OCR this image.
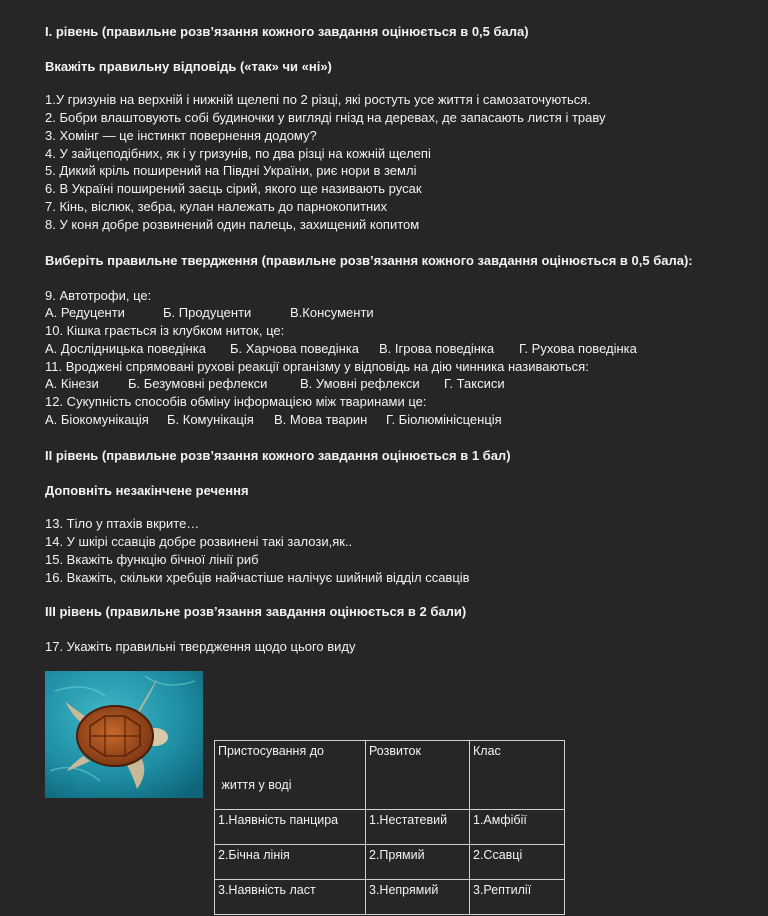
I. рівень (правильне розв’язання кожного завдання оцінюється в 0,5 бала)
Вкажіть правильну відповідь («так» чи «ні»)
1.У гризунів на верхній і нижній щелепі по 2 різці, які ростуть усе життя і самозаточуються.
2. Бобри влаштовують собі будиночки у вигляді гнізд на деревах, де запасають листя і траву
3. Хомінг — це інстинкт повернення додому?
4. У зайцеподібних, як і у гризунів, по два різці на кожній щелепі
5. Дикий кріль поширений на Півдні України, риє нори в землі
6. В Україні поширений заєць сірий, якого ще називають русак
7. Кінь, віслюк, зебра, кулан належать до парнокопитних
8. У коня добре розвинений один палець, захищений копитом
Виберіть правильне твердження (правильне розв’язання кожного завдання оцінюється в 0,5 бала):
9. Автотрофи, це:
А. Редуценти	Б. Продуценти	В.Консументи
10. Кішка грається із клубком ниток, це:
А. Дослідницька поведінка Б. Харчова поведінка В. Ігрова поведінка Г. Рухова поведінка
11. Вроджені спрямовані рухові реакції організму у відповідь на дію чинника називаються:
А. Кінези Б. Безумовні рефлекси	В. Умовні рефлекси Г. Таксиси
12. Сукупність способів обміну інформацією між тваринами це:
А. Біокомунікація Б. Комунікація В. Мова тварин Г. Біолюмінісценція
II рівень (правильне розв’язання кожного завдання оцінюється в 1 бал)
Доповніть незакінчене речення
13. Тіло у птахів вкрите…
14. У шкірі ссавців добре розвинені такі залози,як..
15. Вкажіть функцію бічної лінії риб
16. Вкажіть, скільки хребців найчастіше налічує шийний відділ ссавців
III рівень (правильне розв’язання завдання оцінюється в 2 бали)
17. Укажіть правильні твердження щодо цього виду
Пристосування до
життя у воді	Розвиток	Клас
1.Наявність панцира	1.Нестатевий	1.Амфібії
2.Бічна лінія	2.Прямий	2.Ссавці
3.Наявність ласт	3.Непрямий	3.Рептилії
